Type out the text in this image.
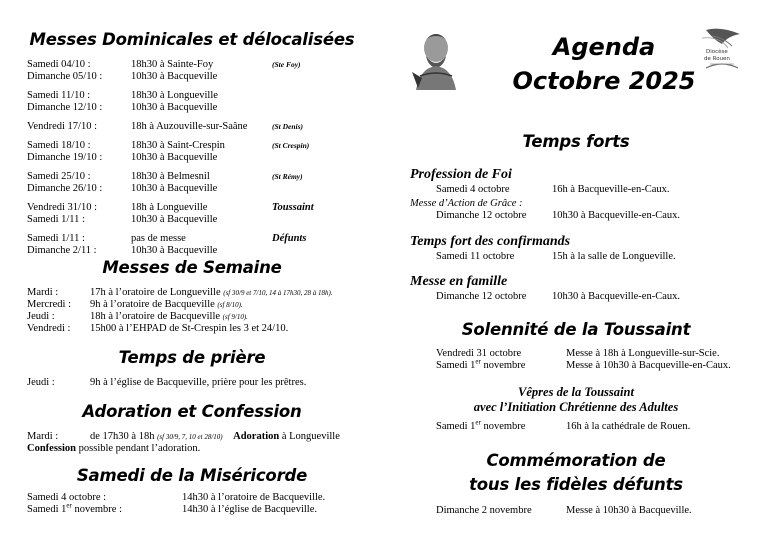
Messes Dominicales et délocalisées
Samedi 04/10 :	18h30 à Sainte-Foy	(Ste Foy)
Dimanche 05/10 :	10h30 à Bacqueville
Samedi 11/10 :	18h30 à Longueville
Dimanche 12/10 :	10h30 à Bacqueville
Vendredi 17/10 :	18h à Auzouville-sur-Saâne	(St Denis)
Samedi 18/10 :	18h30 à Saint-Crespin	(St Crespin)
Dimanche 19/10 :	10h30 à Bacqueville
Samedi 25/10 :	18h30 à Belmesnil	(St Rémy)
Dimanche 26/10 :	10h30 à Bacqueville
Vendredi 31/10 :	18h à Longueville	Toussaint
Samedi 1/11 :	10h30 à Bacqueville
Samedi 1/11 :	pas de messe	Défunts
Dimanche 2/11 :	10h30 à Bacqueville
Messes de Semaine
Mardi :	17h à l’oratoire de Longueville (sf 30/9 et 7/10, 14 à 17h30, 28 à 18h).
Mercredi : 9h à l’oratoire de Bacqueville (sf 8/10).
Jeudi :	18h à l’oratoire de Bacqueville (sf 9/10).
Vendredi : 15h00 à l’EHPAD de St-Crespin les 3 et 24/10.
Temps de prière
Jeudi :	9h à l’église de Bacqueville, prière pour les prêtres.
Adoration et Confession
Mardi :	de 17h30 à 18h (sf 30/9, 7, 10 et 28/10) Adoration à Longueville
Confession possible pendant l’adoration.
Samedi de la Miséricorde
Samedi 4 octobre :	14h30 à l’oratoire de Bacqueville.
Samedi 1er novembre :	14h30 à l’église de Bacqueville.
Agenda
Octobre 2025
Diocèse
de Rouen
Temps forts
Profession de Foi
Samedi 4 octobre	16h à Bacqueville-en-Caux.
Messe d’Action de Grâce :
Dimanche 12 octobre 10h30 à Bacqueville-en-Caux.
Temps fort des confirmands
Samedi 11 octobre	15h à la salle de Longueville.
Messe en famille
Dimanche 12 octobre 10h30 à Bacqueville-en-Caux.
Solennité de la Toussaint
Vendredi 31 octobre	Messe à 18h à Longueville-sur-Scie.
Samedi 1er novembre	Messe à 10h30 à Bacqueville-en-Caux.
Vêpres de la Toussaint
avec l’Initiation Chrétienne des Adultes
Samedi 1er novembre	16h à la cathédrale de Rouen.
Commémoration de
tous les fidèles défunts
Dimanche 2 novembre	Messe à 10h30 à Bacqueville.
